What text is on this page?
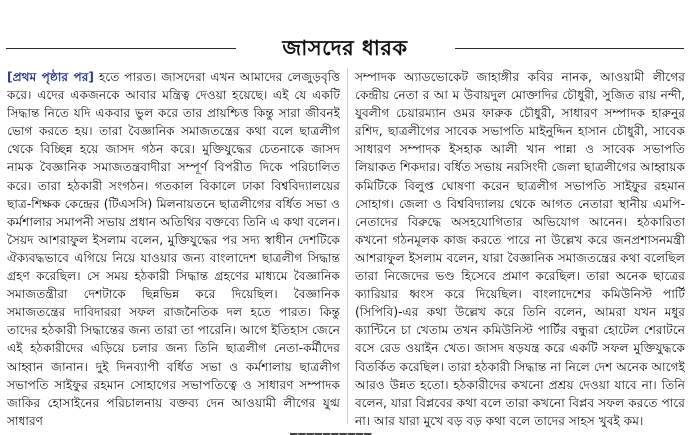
জাসদের ধারক
[প্রথম পৃষ্ঠার পর] হতে পারত। জাসদেরা এখন আমাদের লেজুড়বৃত্তি করে। এদের একজনকে আবার মন্ত্রিত্ব দেওয়া হয়েছে। এই যে একটি সিদ্ধান্ত নিতে যদি একবার ভুল করে তার প্রায়শ্চিত্ত কিন্তু সারা জীবনই ভোগ করতে হয়। তারা বৈজ্ঞানিক সমাজতন্ত্রের কথা বলে ছাত্রলীগ থেকে বিচ্ছিন্ন হয়ে জাসদ গঠন করে। মুক্তিযুদ্ধের চেতনাকে জাসদ নামক বৈজ্ঞানিক সমাজতন্ত্রবাদীরা সম্পূর্ণ বিপরীত দিকে পরিচালিত করে। তারা হঠকারী সংগঠন। গতকাল বিকালে ঢাকা বিশ্ববিদ্যালয়ের ছাত্র-শিক্ষক কেন্দ্রের (টিএসসি) মিলনায়তনে ছাত্রলীগের বর্ধিত সভা ও কর্মশালার সমাপনী সভায় প্রধান অতিথির বক্তব্যে তিনি এ কথা বলেন। সৈয়দ আশরাফুল ইসলাম বলেন, মুক্তিযুদ্ধের পর সদ্য স্বাধীন দেশটিকে ঐক্যবদ্ধভাবে এগিয়ে নিয়ে যাওয়ার জন্য বাংলাদেশ ছাত্রলীগ সিদ্ধান্ত গ্রহণ করেছিল। সে সময় হঠকারী সিদ্ধান্ত গ্রহণের মাধ্যমে বৈজ্ঞানিক সমাজতন্ত্রীরা দেশটাকে ছিন্নভিন্ন করে দিয়েছিল। বৈজ্ঞানিক সমাজতন্ত্রের দাবিদাররা সফল রাজনৈতিক দল হতে পারত। কিন্তু তাদের হঠকারী সিদ্ধান্তের জন্য তারা তা পারেনি। আগে ইতিহাস জেনে এই হঠকারীদের এড়িয়ে চলার জন্য তিনি ছাত্রলীগ নেতা-কর্মীদের আহ্বান জানান। দুই দিনব্যাপী বর্ধিত সভা ও কর্মশালায় ছাত্রলীগ সভাপতি সাইফুর রহমান সোহাগের সভাপতিত্বে ও সাধারণ সম্পাদক জাকির হোসাইনের পরিচালনায় বক্তব্য দেন আওয়ামী লীগের যুগ্ম সাধারণ
সম্পাদক অ্যাডভোকেট জাহাঙ্গীর কবির নানক, আওয়ামী লীগের কেন্দ্রীয় নেতা র আ ম উবায়দুল মোক্তাদির চৌধুরী, সুজিত রায় নন্দী, যুবলীগ চেয়ারম্যান ওমর ফারুক চৌধুরী, সাধারণ সম্পাদক হারুনুর রশিদ, ছাত্রলীগের সাবেক সভাপতি মাইনুদ্দিন হাসান চৌধুরী, সাবেক সাধারণ সম্পাদক ইসহাক আলী খান পান্না ও সাবেক সভাপতি লিয়াকত শিকদার। বর্ধিত সভায় নরসিংদী জেলা ছাত্রলীগের আহ্বায়ক কমিটিকে বিলুপ্ত ঘোষণা করেন ছাত্রলীগ সভাপতি সাইফুর রহমান সোহাগ। জেলা ও বিশ্ববিদ্যালয় থেকে আগত নেতারা স্থানীয় এমপি-নেতাদের বিরুদ্ধে অসহযোগিতার অভিযোগ আনেন। হঠকারিতা কখনো গঠনমূলক কাজ করতে পারে না উল্লেখ করে জনপ্রশাসনমন্ত্রী আশরাফুল ইসলাম বলেন, যারা বৈজ্ঞানিক সমাজতন্ত্রের কথা বলেছিল তারা নিজেদের ভণ্ড হিসেবে প্রমাণ করেছিল। তারা অনেক ছাত্রের ক্যারিয়ার ধ্বংস করে দিয়েছিল। বাংলাদেশের কমিউনিস্ট পার্টি (সিপিবি)-এর কথা উল্লেখ করে তিনি বলেন, আমরা যখন মধুর ক্যান্টিনে চা খেতাম তখন কমিউনিস্ট পার্টির বন্ধুরা হোটেল শেরাটনে বসে রেড ওয়াইন খেত। জাসদ ষড়যন্ত্র করে একটি সফল মুক্তিযুদ্ধকে বিতর্কিত করেছিল। তারা হঠকারী সিদ্ধান্ত না নিলে দেশ অনেক আগেই আরও উন্নত হতো। হঠকারীদের কখনো প্রশ্রয় দেওয়া যাবে না। তিনি বলেন, যারা বিপ্লবের কথা বলে তারা কখনো বিপ্লব সফল করতে পারে না। আর যারা মুখে বড় বড় কথা বলে তাদের সাহস খুবই কম।
━━━━━━━━━━
